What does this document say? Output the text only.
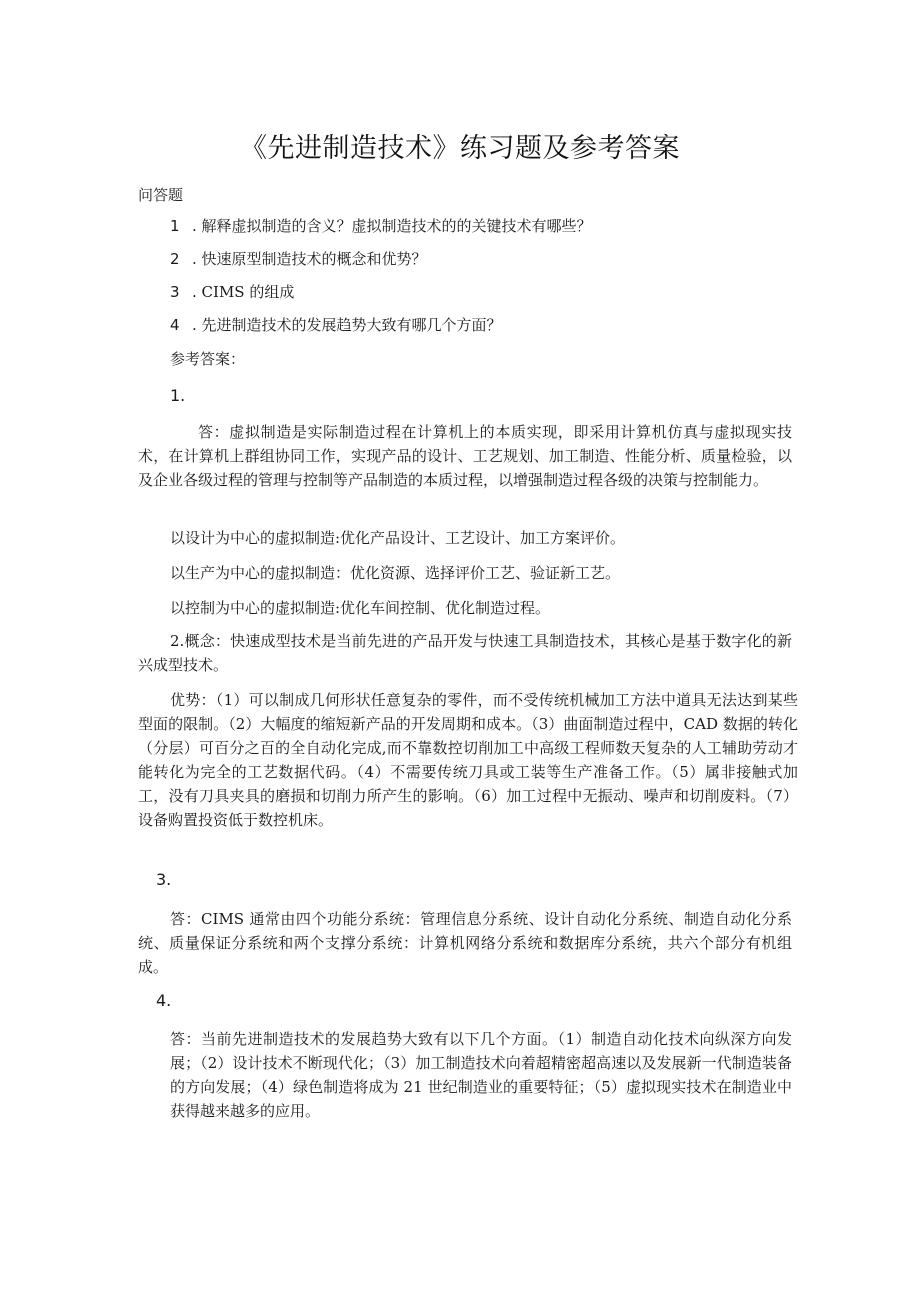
《先进制造技术》练习题及参考答案
问答题
1 . 解释虚拟制造的含义？虚拟制造技术的的关键技术有哪些？
2 . 快速原型制造技术的概念和优势？
3 . CIMS 的组成
4 . 先进制造技术的发展趋势大致有哪几个方面？
参考答案：
1.
答：虚拟制造是实际制造过程在计算机上的本质实现，即采用计算机仿真与虚拟现实技术，在计算机上群组协同工作，实现产品的设计、工艺规划、加工制造、性能分析、质量检验，以及企业各级过程的管理与控制等产品制造的本质过程，以增强制造过程各级的决策与控制能力。
以设计为中心的虚拟制造:优化产品设计、工艺设计、加工方案评价。
以生产为中心的虚拟制造：优化资源、选择评价工艺、验证新工艺。
以控制为中心的虚拟制造:优化车间控制、优化制造过程。
2.概念：快速成型技术是当前先进的产品开发与快速工具制造技术，其核心是基于数字化的新兴成型技术。
优势：（1）可以制成几何形状任意复杂的零件，而不受传统机械加工方法中道具无法达到某些型面的限制。（2）大幅度的缩短新产品的开发周期和成本。（3）曲面制造过程中，CAD 数据的转化（分层）可百分之百的全自动化完成,而不靠数控切削加工中高级工程师数天复杂的人工辅助劳动才能转化为完全的工艺数据代码。（4）不需要传统刀具或工装等生产准备工作。（5）属非接触式加工，没有刀具夹具的磨损和切削力所产生的影响。（6）加工过程中无振动、噪声和切削废料。（7）设备购置投资低于数控机床。
3.
答：CIMS 通常由四个功能分系统：管理信息分系统、设计自动化分系统、制造自动化分系统、质量保证分系统和两个支撑分系统：计算机网络分系统和数据库分系统，共六个部分有机组成。
4.
答：当前先进制造技术的发展趋势大致有以下几个方面。（1）制造自动化技术向纵深方向发展；（2）设计技术不断现代化；（3）加工制造技术向着超精密超高速以及发展新一代制造装备的方向发展；（4）绿色制造将成为 21 世纪制造业的重要特征；（5）虚拟现实技术在制造业中获得越来越多的应用。
